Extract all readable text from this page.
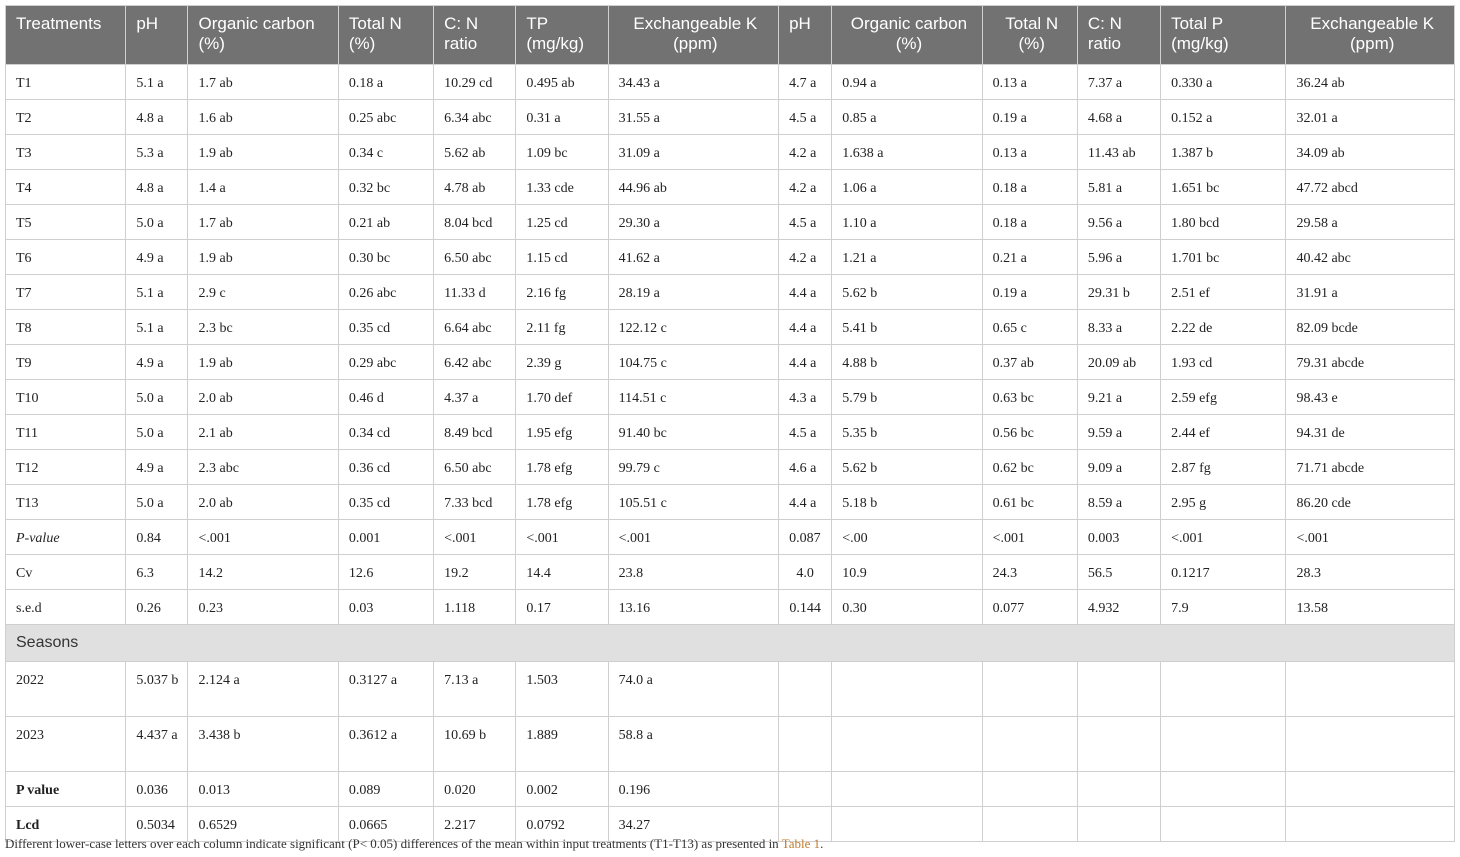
Treatments	pH	Organic carbon (%)	Total N (%)	C: N ratio	TP (mg/kg)	Exchangeable K (ppm)	pH	Organic carbon (%)	Total N (%)	C: N ratio	Total P (mg/kg)	Exchangeable K (ppm)
T1	5.1 a	1.7 ab	0.18 a	10.29 cd	0.495 ab	34.43 a	4.7 a	0.94 a	0.13 a	7.37 a	0.330 a	36.24 ab
T2	4.8 a	1.6 ab	0.25 abc	6.34 abc	0.31 a	31.55 a	4.5 a	0.85 a	0.19 a	4.68 a	0.152 a	32.01 a
T3	5.3 a	1.9 ab	0.34 c	5.62 ab	1.09 bc	31.09 a	4.2 a	1.638 a	0.13 a	11.43 ab	1.387 b	34.09 ab
T4	4.8 a	1.4 a	0.32 bc	4.78 ab	1.33 cde	44.96 ab	4.2 a	1.06 a	0.18 a	5.81 a	1.651 bc	47.72 abcd
T5	5.0 a	1.7 ab	0.21 ab	8.04 bcd	1.25 cd	29.30 a	4.5 a	1.10 a	0.18 a	9.56 a	1.80 bcd	29.58 a
T6	4.9 a	1.9 ab	0.30 bc	6.50 abc	1.15 cd	41.62 a	4.2 a	1.21 a	0.21 a	5.96 a	1.701 bc	40.42 abc
T7	5.1 a	2.9 c	0.26 abc	11.33 d	2.16 fg	28.19 a	4.4 a	5.62 b	0.19 a	29.31 b	2.51 ef	31.91 a
T8	5.1 a	2.3 bc	0.35 cd	6.64 abc	2.11 fg	122.12 c	4.4 a	5.41 b	0.65 c	8.33 a	2.22 de	82.09 bcde
T9	4.9 a	1.9 ab	0.29 abc	6.42 abc	2.39 g	104.75 c	4.4 a	4.88 b	0.37 ab	20.09 ab	1.93 cd	79.31 abcde
T10	5.0 a	2.0 ab	0.46 d	4.37 a	1.70 def	114.51 c	4.3 a	5.79 b	0.63 bc	9.21 a	2.59 efg	98.43 e
T11	5.0 a	2.1 ab	0.34 cd	8.49 bcd	1.95 efg	91.40 bc	4.5 a	5.35 b	0.56 bc	9.59 a	2.44 ef	94.31 de
T12	4.9 a	2.3 abc	0.36 cd	6.50 abc	1.78 efg	99.79 c	4.6 a	5.62 b	0.62 bc	9.09 a	2.87 fg	71.71 abcde
T13	5.0 a	2.0 ab	0.35 cd	7.33 bcd	1.78 efg	105.51 c	4.4 a	5.18 b	0.61 bc	8.59 a	2.95 g	86.20 cde
P-value	0.84	<.001	0.001	<.001	<.001	<.001	0.087	<.00	<.001	0.003	<.001	<.001
Cv	6.3	14.2	12.6	19.2	14.4	23.8	4.0	10.9	24.3	56.5	0.1217	28.3
s.e.d	0.26	0.23	0.03	1.118	0.17	13.16	0.144	0.30	0.077	4.932	7.9	13.58
Seasons												
2022	5.037 b	2.124 a	0.3127 a	7.13 a	1.503	74.0 a						
2023	4.437 a	3.438 b	0.3612 a	10.69 b	1.889	58.8 a						
P value	0.036	0.013	0.089	0.020	0.002	0.196						
Lcd	0.5034	0.6529	0.0665	2.217	0.0792	34.27						
Different lower-case letters over each column indicate significant (P< 0.05) differences of the mean within input treatments (T1-T13) as presented in Table 1.
